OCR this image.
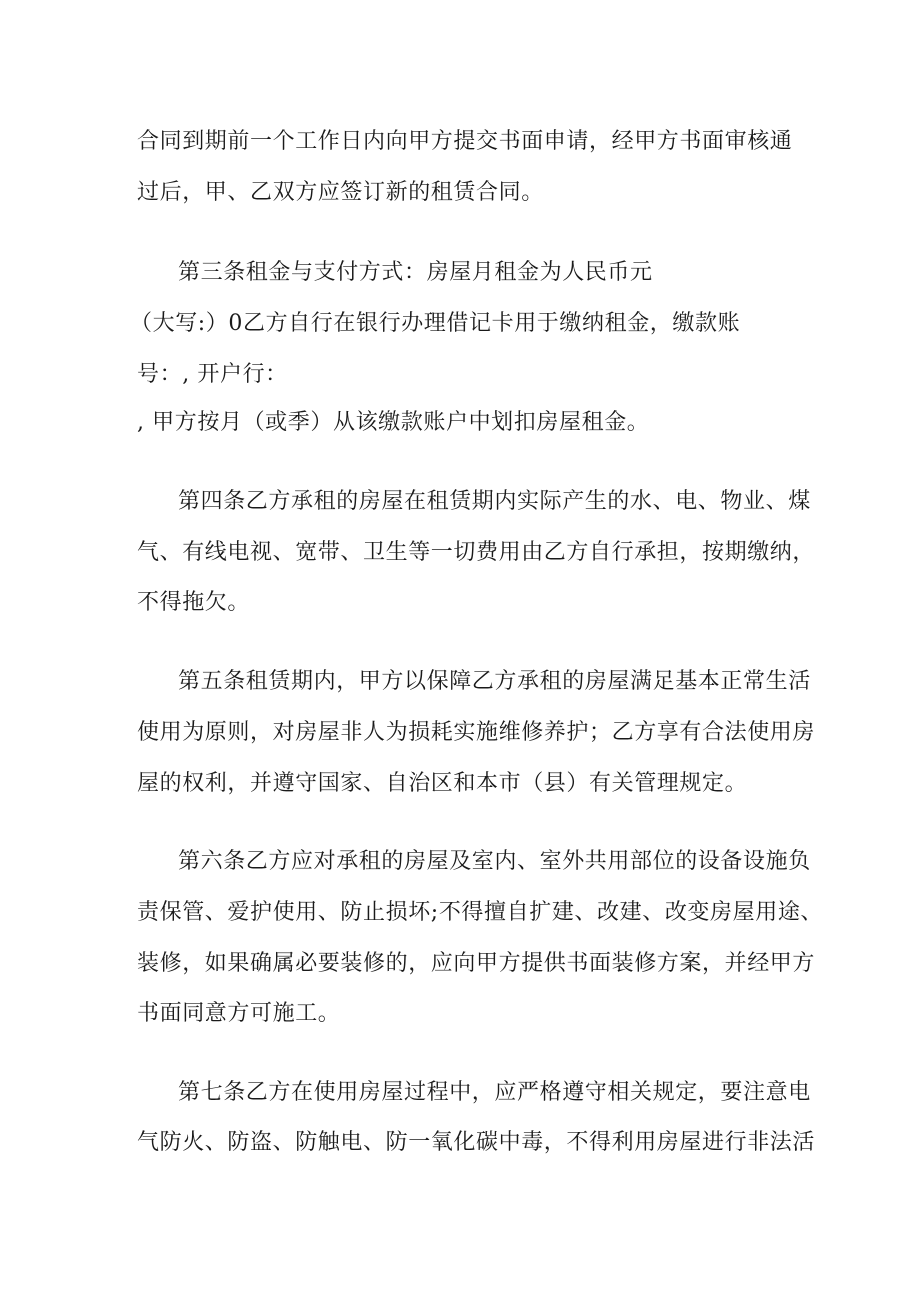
合同到期前一个工作日内向甲方提交书面申请，经甲方书面审核通
过后，甲、乙双方应签订新的租赁合同。
第三条租金与支付方式：房屋月租金为人民币元
（大写:）0乙方自行在银行办理借记卡用于缴纳租金，缴款账
号：, 开户行：
, 甲方按月（或季）从该缴款账户中划扣房屋租金。
第四条乙方承租的房屋在租赁期内实际产生的水、电、物业、煤
气、有线电视、宽带、卫生等一切费用由乙方自行承担，按期缴纳，
不得拖欠。
第五条租赁期内，甲方以保障乙方承租的房屋满足基本正常生活
使用为原则，对房屋非人为损耗实施维修养护；乙方享有合法使用房
屋的权利，并遵守国家、自治区和本市（县）有关管理规定。
第六条乙方应对承租的房屋及室内、室外共用部位的设备设施负
责保管、爱护使用、防止损坏;不得擅自扩建、改建、改变房屋用途、
装修，如果确属必要装修的，应向甲方提供书面装修方案，并经甲方
书面同意方可施工。
第七条乙方在使用房屋过程中，应严格遵守相关规定，要注意电
气防火、防盗、防触电、防一氧化碳中毒，不得利用房屋进行非法活
